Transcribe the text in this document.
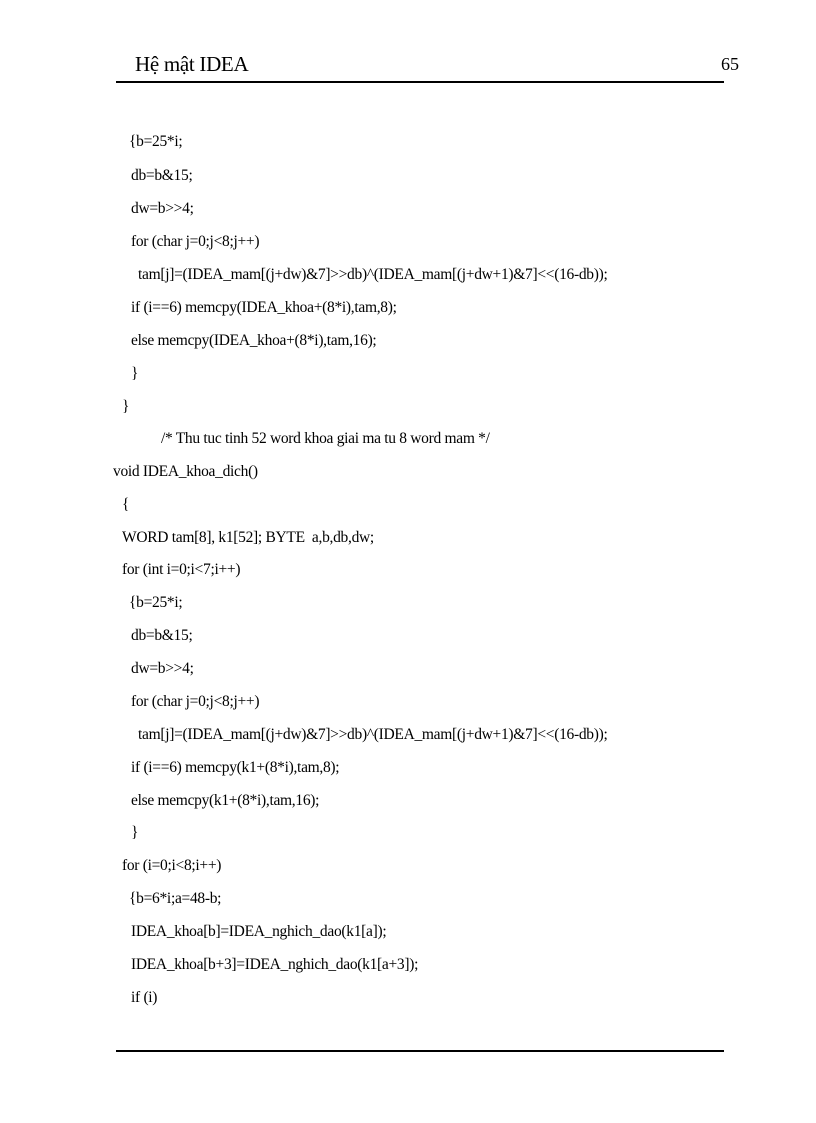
Hệ mật IDEA	65
{b=25*i;
db=b&15;
dw=b>>4;
for (char j=0;j<8;j++)
tam[j]=(IDEA_mam[(j+dw)&7]>>db)^(IDEA_mam[(j+dw+1)&7]<<(16-db));
if (i==6) memcpy(IDEA_khoa+(8*i),tam,8);
else memcpy(IDEA_khoa+(8*i),tam,16);
}
}
/* Thu tuc tinh 52 word khoa giai ma tu 8 word mam */
void IDEA_khoa_dich()
{
WORD tam[8], k1[52]; BYTE  a,b,db,dw;
for (int i=0;i<7;i++)
{b=25*i;
db=b&15;
dw=b>>4;
for (char j=0;j<8;j++)
tam[j]=(IDEA_mam[(j+dw)&7]>>db)^(IDEA_mam[(j+dw+1)&7]<<(16-db));
if (i==6) memcpy(k1+(8*i),tam,8);
else memcpy(k1+(8*i),tam,16);
}
for (i=0;i<8;i++)
{b=6*i;a=48-b;
IDEA_khoa[b]=IDEA_nghich_dao(k1[a]);
IDEA_khoa[b+3]=IDEA_nghich_dao(k1[a+3]);
if (i)
